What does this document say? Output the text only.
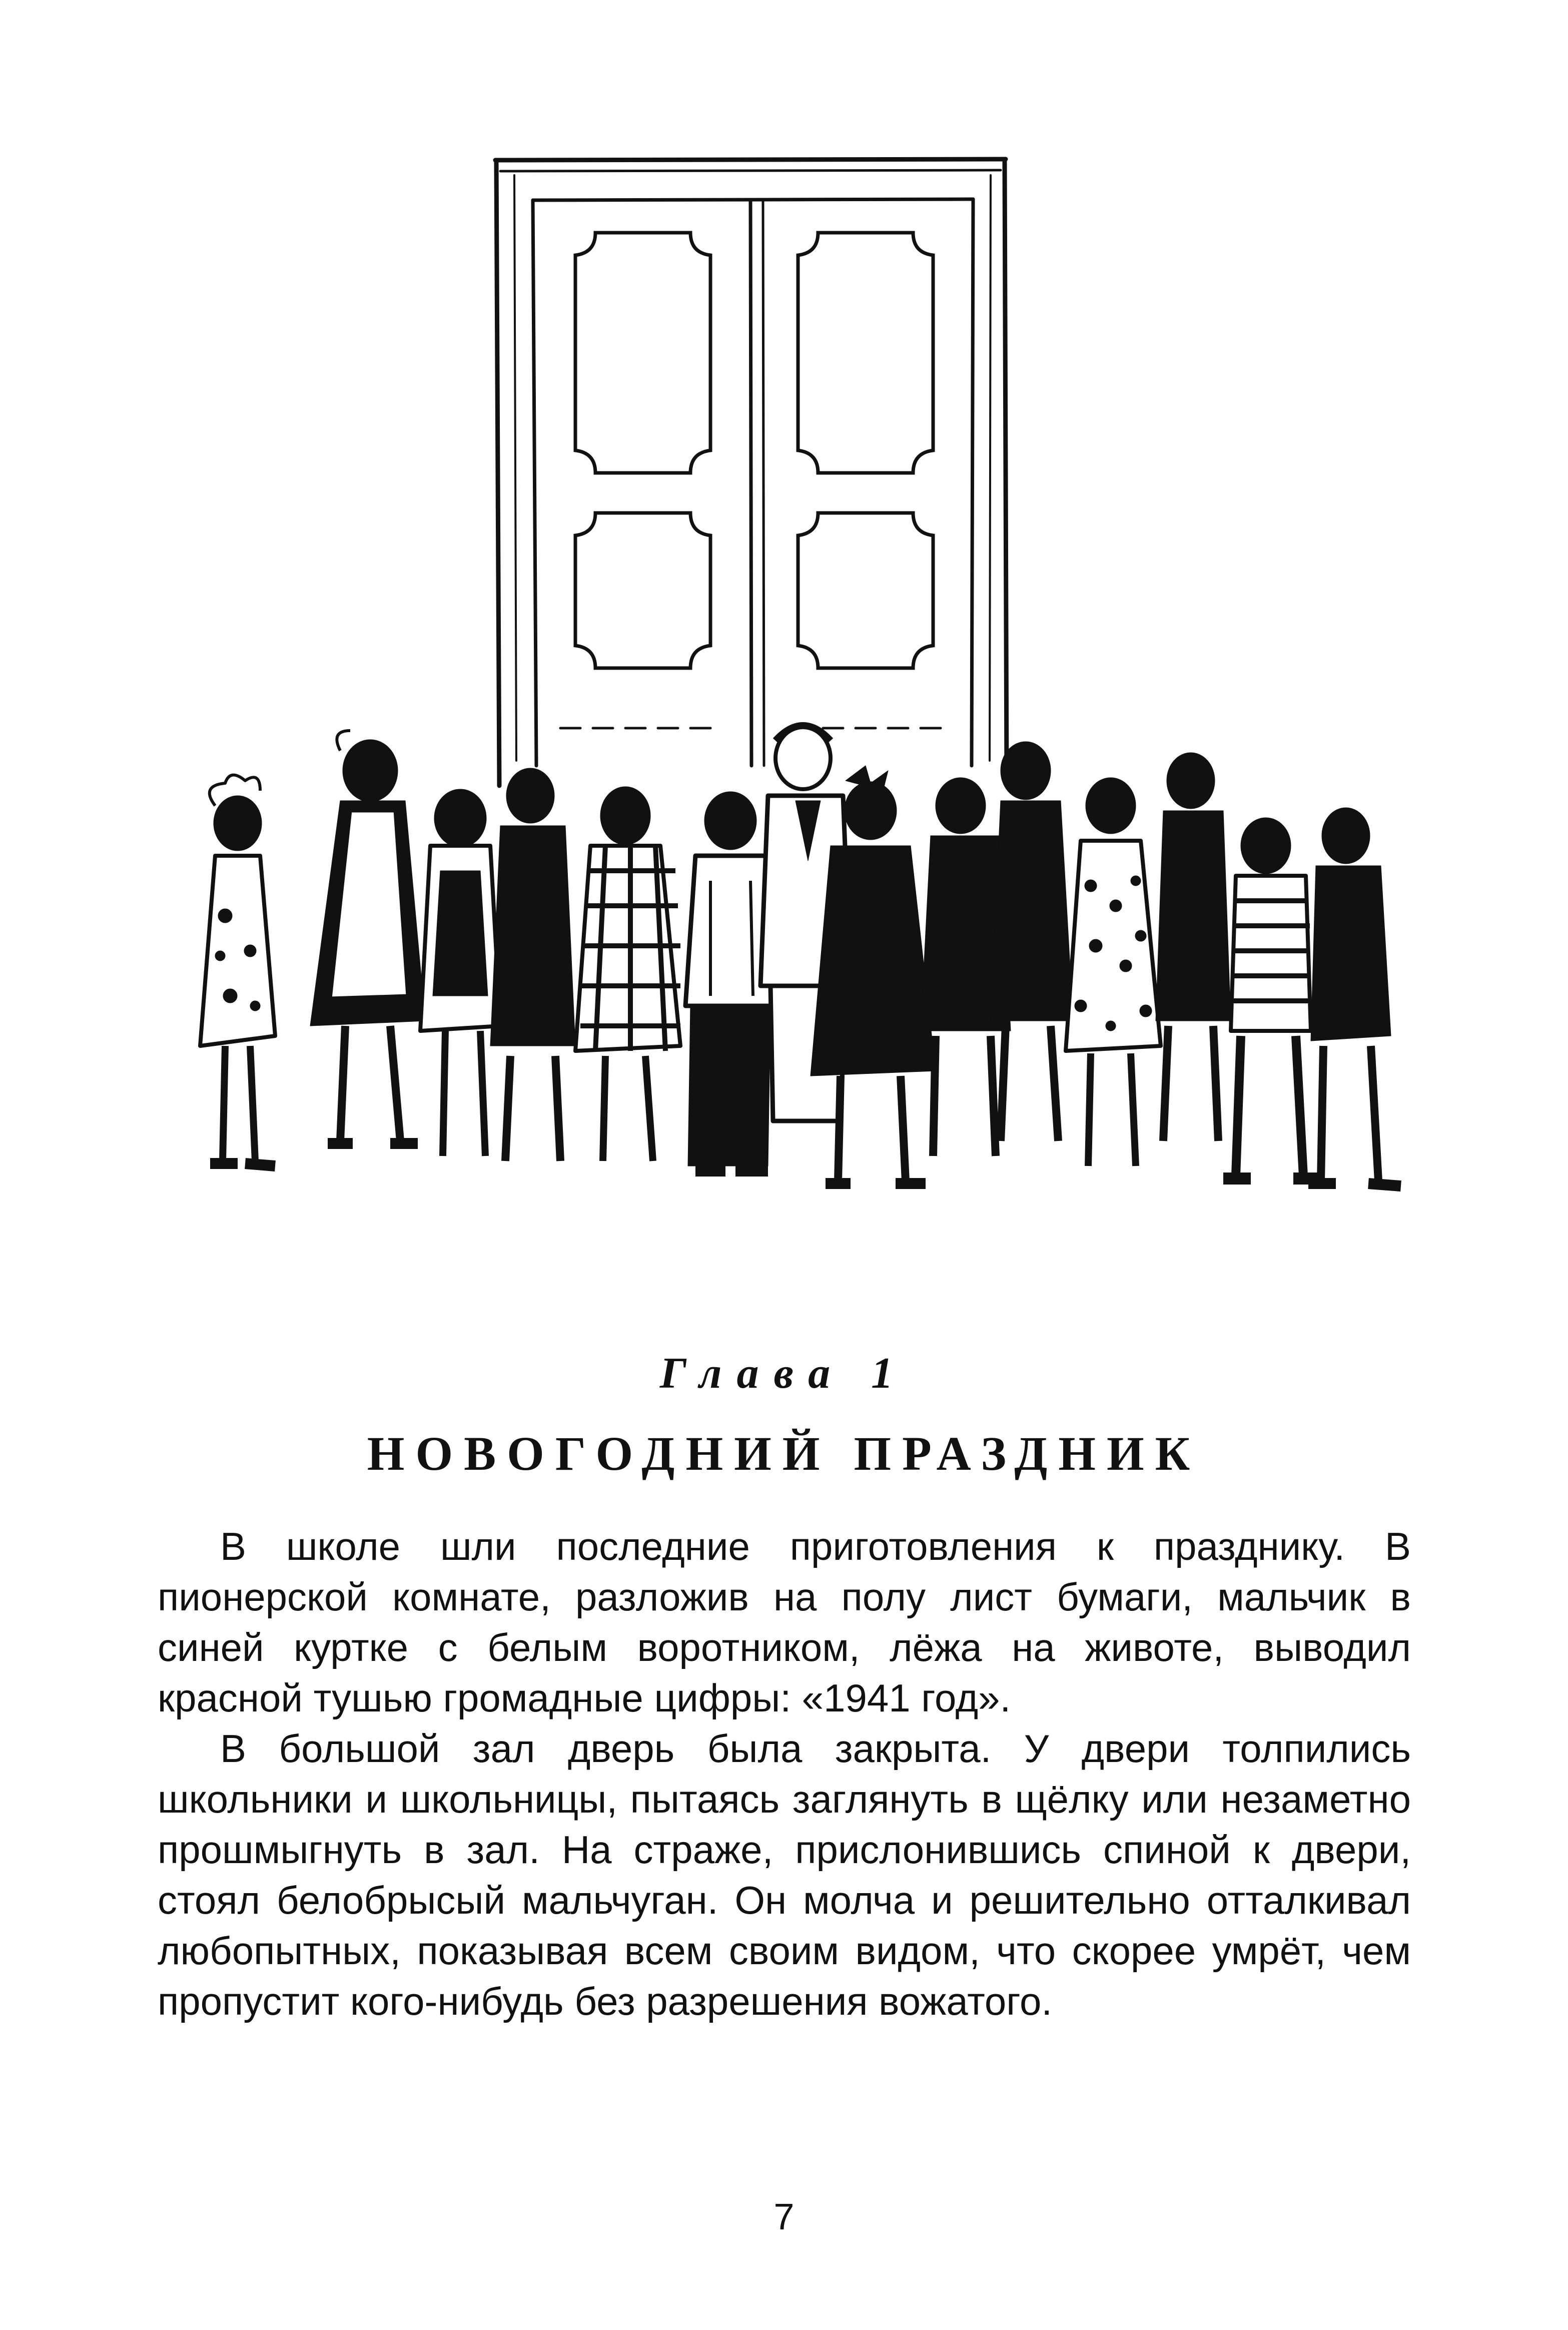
Глава 1
НОВОГОДНИЙ ПРАЗДНИК

В школе шли последние приготовления к празднику. В пионерской комнате, разложив на полу лист бумаги, мальчик в синей куртке с белым воротником, лёжа на животе, выводил красной тушью громадные цифры: «1941 год».

В большой зал дверь была закрыта. У двери толпились школьники и школьницы, пытаясь заглянуть в щёлку или незаметно прошмыгнуть в зал. На страже, прислонившись спиной к двери, стоял белобрысый мальчуган. Он молча и решительно отталкивал любопытных, показывая всем своим видом, что скорее умрёт, чем пропустит кого-нибудь без разрешения вожатого.

7
